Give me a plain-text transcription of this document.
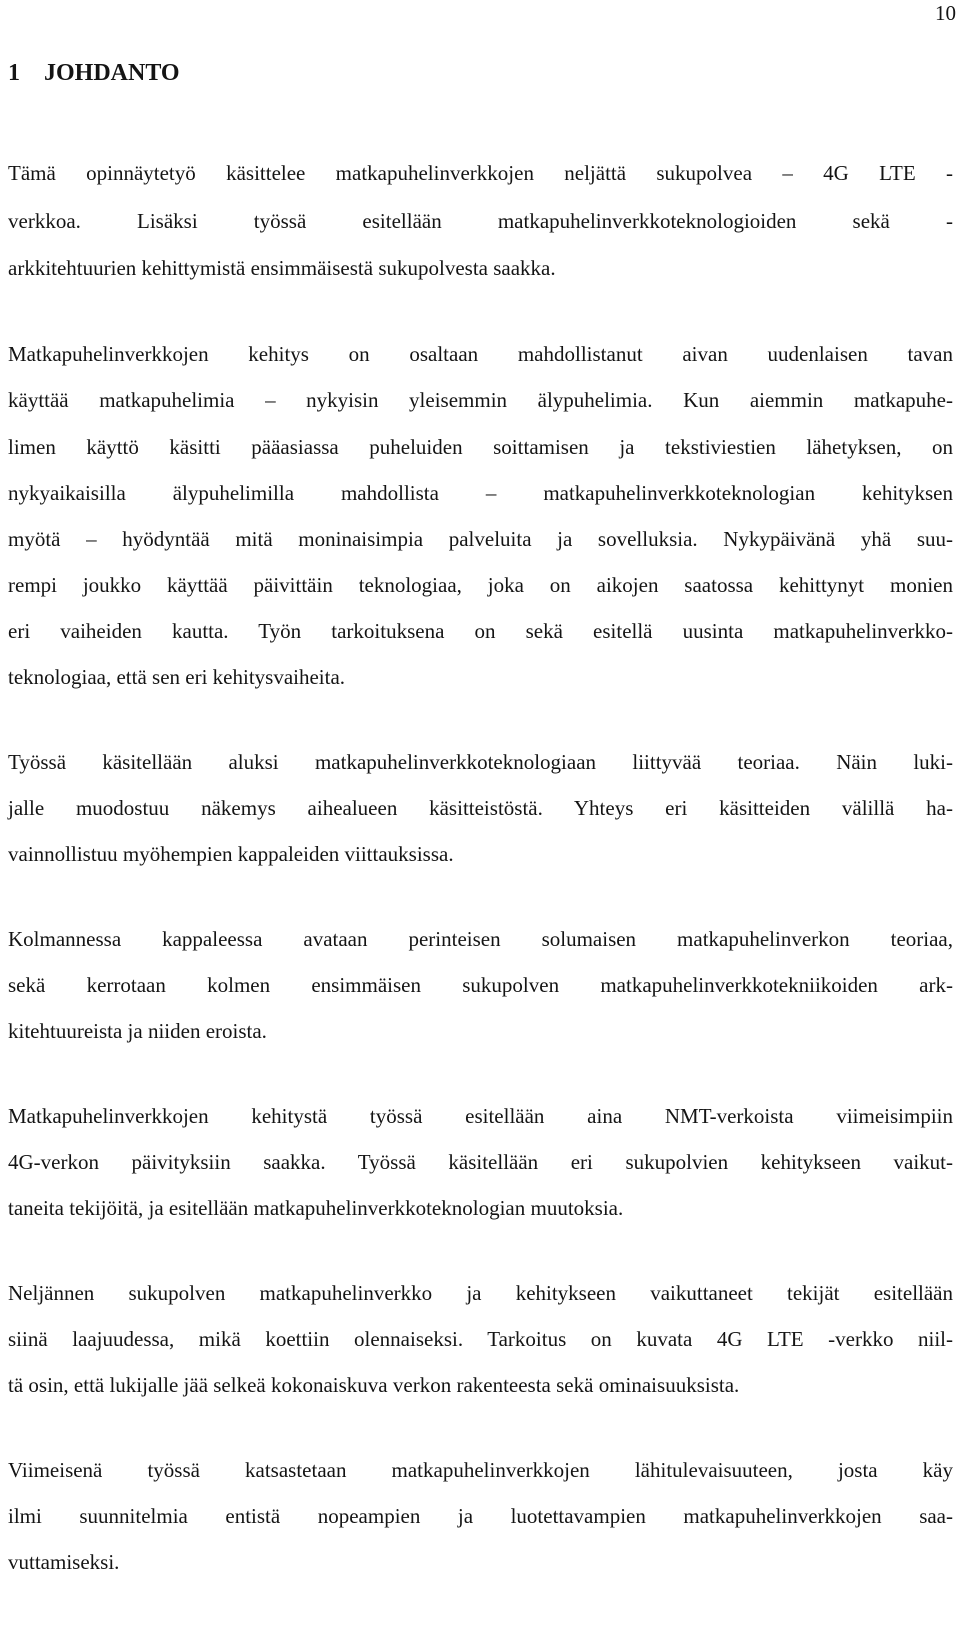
10
1 JOHDANTO

Tämä opinnäytetyö käsittelee matkapuhelinverkkojen neljättä sukupolvea – 4G LTE -

verkkoa. Lisäksi työssä esitellään matkapuhelinverkkoteknologioiden sekä -

arkkitehtuurien kehittymistä ensimmäisestä sukupolvesta saakka.

Matkapuhelinverkkojen kehitys on osaltaan mahdollistanut aivan uudenlaisen tavan

käyttää matkapuhelimia – nykyisin yleisemmin älypuhelimia. Kun aiemmin matkapuhe-

limen käyttö käsitti pääasiassa puheluiden soittamisen ja tekstiviestien lähetyksen, on

nykyaikaisilla älypuhelimilla mahdollista – matkapuhelinverkkoteknologian kehityksen

myötä – hyödyntää mitä moninaisimpia palveluita ja sovelluksia. Nykypäivänä yhä suu-

rempi joukko käyttää päivittäin teknologiaa, joka on aikojen saatossa kehittynyt monien

eri vaiheiden kautta. Työn tarkoituksena on sekä esitellä uusinta matkapuhelinverkko-

teknologiaa, että sen eri kehitysvaiheita.

Työssä käsitellään aluksi matkapuhelinverkkoteknologiaan liittyvää teoriaa. Näin luki-

jalle muodostuu näkemys aihealueen käsitteistöstä. Yhteys eri käsitteiden välillä ha-

vainnollistuu myöhempien kappaleiden viittauksissa.

Kolmannessa kappaleessa avataan perinteisen solumaisen matkapuhelinverkon teoriaa,

sekä kerrotaan kolmen ensimmäisen sukupolven matkapuhelinverkkotekniikoiden ark-

kitehtuureista ja niiden eroista.

Matkapuhelinverkkojen kehitystä työssä esitellään aina NMT-verkoista viimeisimpiin

4G-verkon päivityksiin saakka. Työssä käsitellään eri sukupolvien kehitykseen vaikut-

taneita tekijöitä, ja esitellään matkapuhelinverkkoteknologian muutoksia.

Neljännen sukupolven matkapuhelinverkko ja kehitykseen vaikuttaneet tekijät esitellään

siinä laajuudessa, mikä koettiin olennaiseksi. Tarkoitus on kuvata 4G LTE -verkko niil-

tä osin, että lukijalle jää selkeä kokonaiskuva verkon rakenteesta sekä ominaisuuksista.

Viimeisenä työssä katsastetaan matkapuhelinverkkojen lähitulevaisuuteen, josta käy

ilmi suunnitelmia entistä nopeampien ja luotettavampien matkapuhelinverkkojen saa-

vuttamiseksi.
